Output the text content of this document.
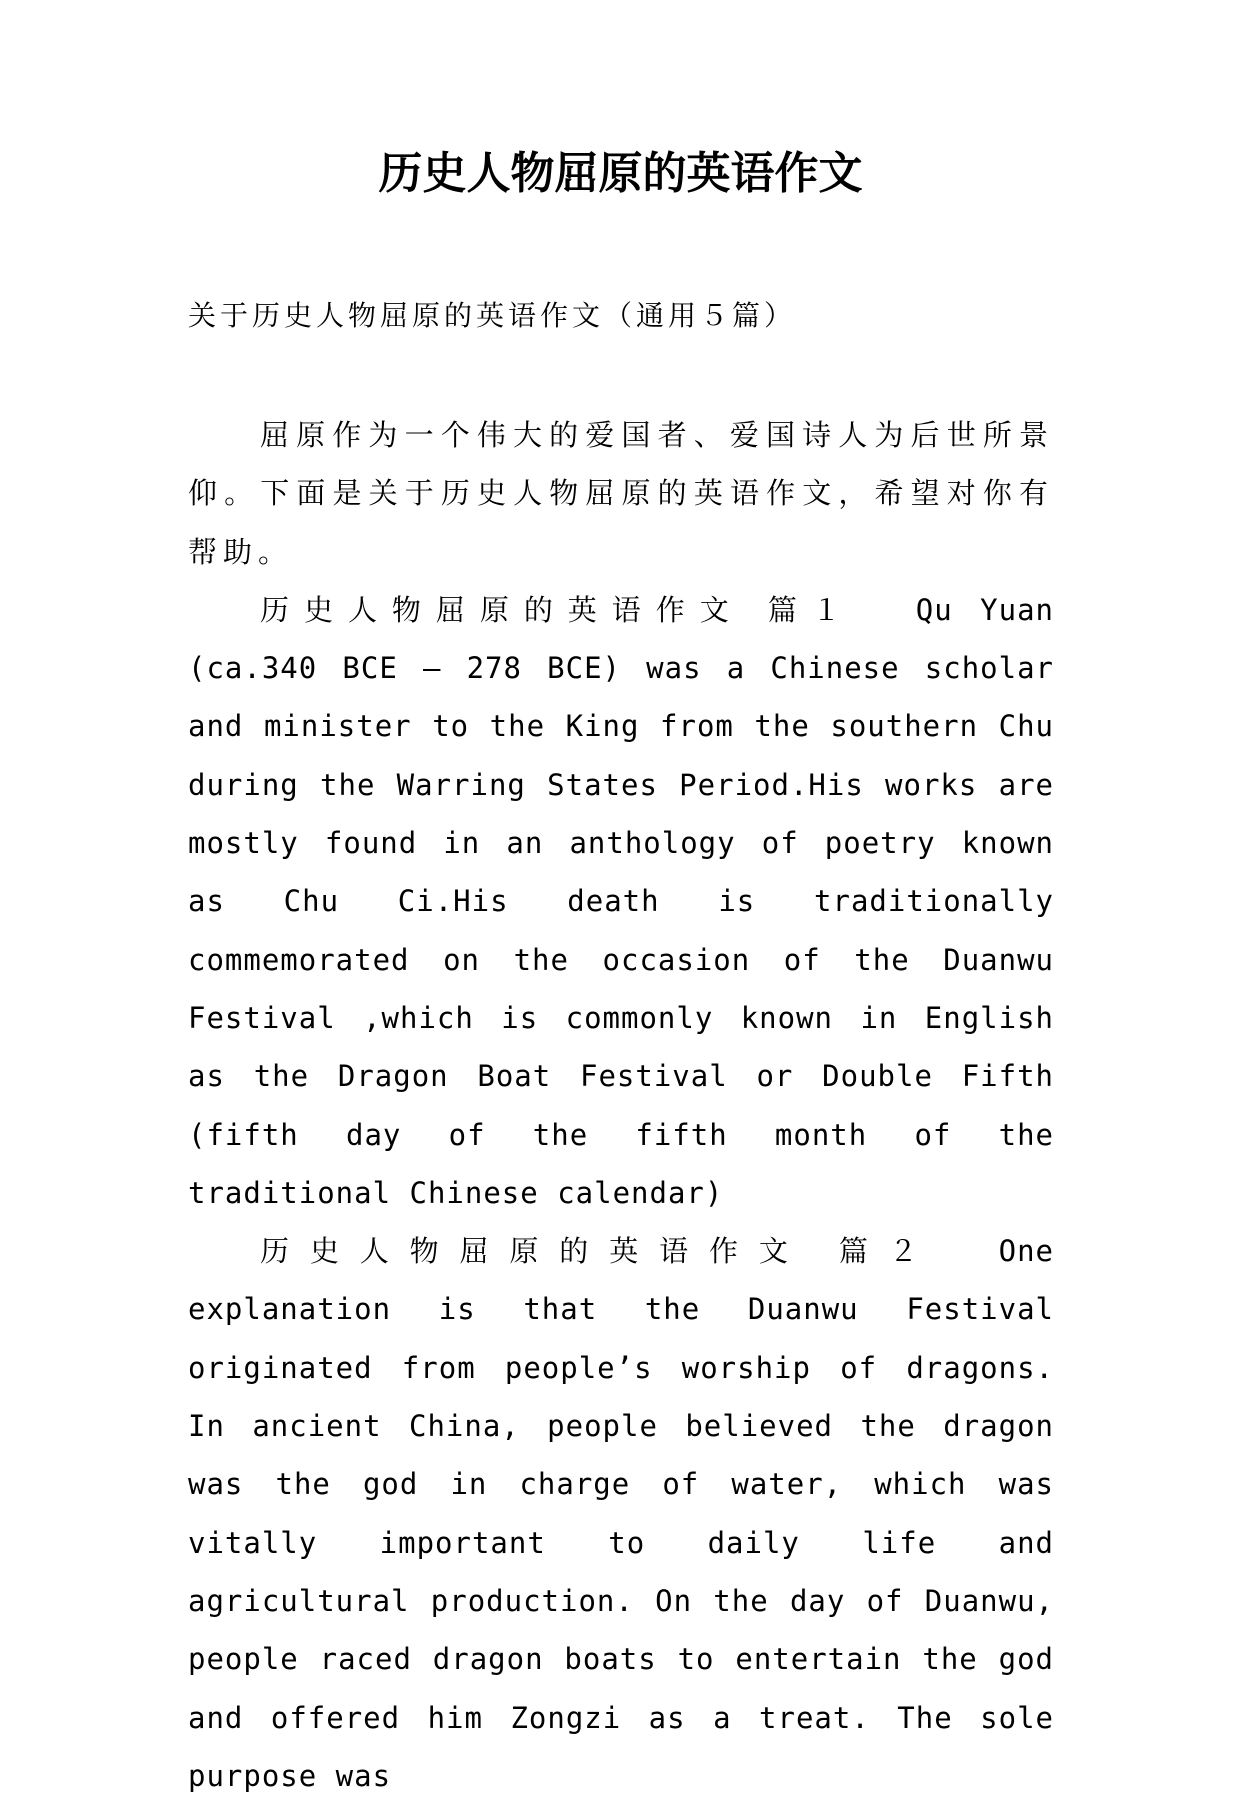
历史人物屈原的英语作文
关于历史人物屈原的英语作文（通用５篇）

屈原作为一个伟大的爱国者、爱国诗人为后世所景仰。下面是关于历史人物屈原的英语作文，希望对你有帮助。

历史人物屈原的英语作文 篇１ Qu Yuan (ca.340 BCE – 278 BCE) was a Chinese scholar and minister to the King from the southern Chu during the Warring States Period.His works are mostly found in an anthology of poetry known as Chu Ci.His death is traditionally commemorated on the occasion of the Duanwu Festival ,which is commonly known in English as the Dragon Boat Festival or Double Fifth (fifth day of the fifth month of the traditional Chinese calendar)

历史人物屈原的英语作文 篇２ One explanation is that the Duanwu Festival originated from people’s worship of dragons. In ancient China, people believed the dragon was the god in charge of water, which was vitally important to daily life and agricultural production. On the day of Duanwu, people raced dragon boats to entertain the god and offered him Zongzi as a treat. The sole purpose was
